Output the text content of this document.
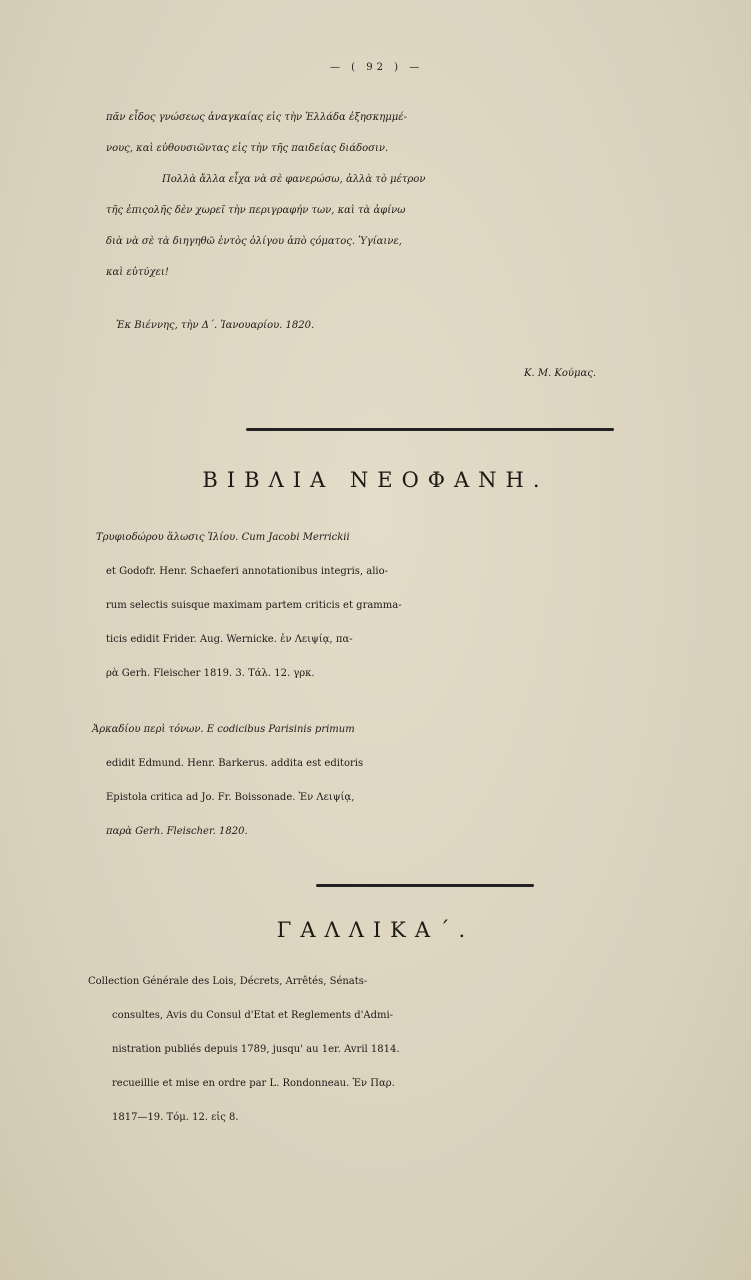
— ( 92 ) —
πᾶν εἶδος γνώσεως ἀναγκαίας εἰς τὴν Ἑλλάδα ἐξησκημμέ-
νους, καὶ εὐθουσιῶντας εἰς τὴν τῆς παιδείας διάδοσιν.
Πολλὰ ἄλλα εἶχα νὰ σὲ φανερώσω, ἀλλὰ τὸ μέτρον
τῆς ἐπιςολῆς δὲν χωρεῖ τὴν περιγραφήν των, καὶ τὰ ἀφίνω
διὰ νὰ σὲ τὰ διηγηθῶ ἐντὸς ὀλίγου ἀπὸ ςόματος. Ὑγίαινε,
καὶ εὐτύχει!
Ἐκ Βιέννης, τὴν Δ΄. Ἰανουαρίου. 1820.
Κ. Μ. Κούμας.
ΒΙΒΛΙΑ ΝΕΟΦΑΝΗ.
Τρυφιοδώρου ἅλωσις Ἰλίου. Cum Jacobi Merrickii
et Godofr. Henr. Schaeferi annotationibus integris, alio-
rum selectis suisque maximam partem criticis et gramma-
ticis edidit Frider. Aug. Wernicke. ἐν Λειψίᾳ, πα-
ρὰ Gerh. Fleischer 1819. 3. Τάλ. 12. γρκ.
Ἀρκαδίου περὶ τόνων. E codicibus Parisinis primum
edidit Edmund. Henr. Barkerus. addita est editoris
Epistola critica ad Jo. Fr. Boissonade. Ἐν Λειψίᾳ,
παρὰ Gerh. Fleischer. 1820.
ΓΑΛΛΙΚΑ΄.
Collection Générale des Lois, Décrets, Arrêtés, Sénats-
consultes, Avis du Consul d'Etat et Reglements d'Admi-
nistration publiés depuis 1789, jusqu' au 1er. Avril 1814.
recueillie et mise en ordre par L. Rondonneau. Ἐν Παρ.
1817—19. Τόμ. 12. εἰς 8.
